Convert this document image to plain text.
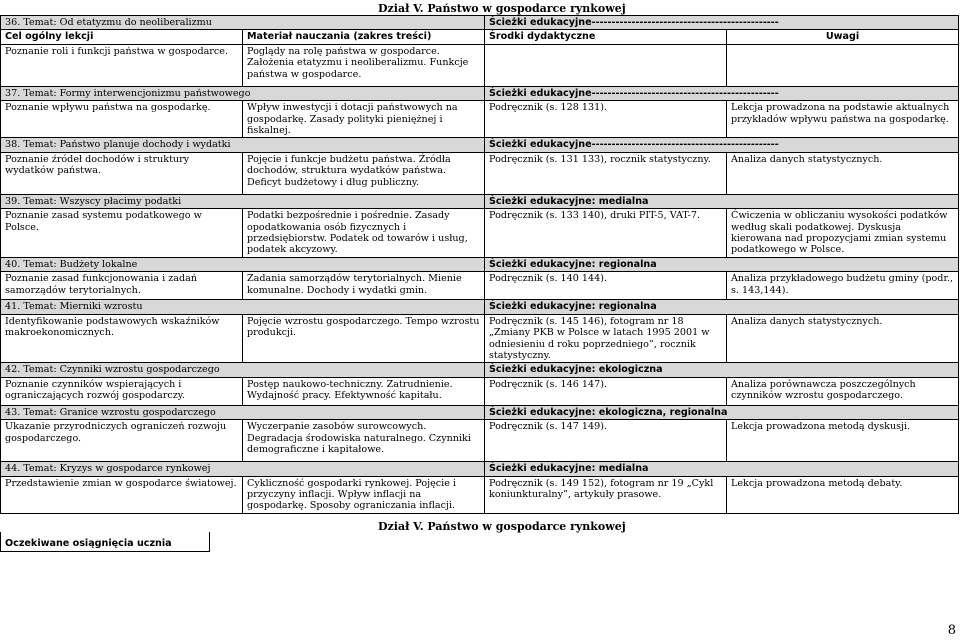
Dział V. Państwo w gospodarce rynkowej
36. Temat: Od etatyzmu do neoliberalizmu		Ścieżki edukacyjne-----------------------------------------------	
Cel ogólny lekcji	Materiał nauczania (zakres treści)	Środki dydaktyczne	Uwagi
Poznanie roli i funkcji państwa w gospodarce.	Poglądy na rolę państwa w gospodarce. Założenia etatyzmu i neoliberalizmu. Funkcje państwa w gospodarce.		
37. Temat: Formy interwencjonizmu państwowego		Ścieżki edukacyjne-----------------------------------------------	
Poznanie wpływu państwa na gospodarkę.	Wpływ inwestycji i dotacji państwowych na gospodarkę. Zasady polityki pieniężnej i fiskalnej.	Podręcznik (s. 128 131).	Lekcja prowadzona na podstawie aktualnych przykładów wpływu państwa na gospodarkę.
38. Temat: Państwo planuje dochody i wydatki		Ścieżki edukacyjne-----------------------------------------------	
Poznanie źródeł dochodów i struktury wydatków państwa.	Pojęcie i funkcje budżetu państwa. Źródła dochodów, struktura wydatków państwa. Deficyt budżetowy i dług publiczny.	Podręcznik (s. 131 133), rocznik statystyczny.	Analiza danych statystycznych.
39. Temat: Wszyscy płacimy podatki		Ścieżki edukacyjne: medialna	
Poznanie zasad systemu podatkowego w Polsce.	Podatki bezpośrednie i pośrednie. Zasady opodatkowania osób fizycznych i przedsiębiorstw. Podatek od towarów i usług, podatek akcyzowy.	Podręcznik (s. 133 140), druki PIT-5, VAT-7.	Ćwiczenia w obliczaniu wysokości podatków według skali podatkowej. Dyskusja kierowana nad propozycjami zmian systemu podatkowego w Polsce.
40. Temat: Budżety lokalne		Ścieżki edukacyjne: regionalna	
Poznanie zasad funkcjonowania i zadań samorządów terytorialnych.	Zadania samorządów terytorialnych. Mienie komunalne. Dochody i wydatki gmin.	Podręcznik (s. 140 144).	Analiza przykładowego budżetu gminy (podr., s. 143,144).
41. Temat: Mierniki wzrostu		Ścieżki edukacyjne: regionalna	
Identyfikowanie podstawowych wskaźników makroekonomicznych.	Pojęcie wzrostu gospodarczego. Tempo wzrostu produkcji.	Podręcznik (s. 145 146), fotogram nr 18 „Zmiany PKB w Polsce w latach 1995 2001 w odniesieniu d roku poprzedniego”, rocznik statystyczny.	Analiza danych statystycznych.
42. Temat: Czynniki wzrostu gospodarczego		Ścieżki edukacyjne: ekologiczna	
Poznanie czynników wspierających i ograniczających rozwój gospodarczy.	Postęp naukowo-techniczny. Zatrudnienie. Wydajność pracy. Efektywność kapitału.	Podręcznik (s. 146 147).	Analiza porównawcza poszczególnych czynników wzrostu gospodarczego.
43. Temat: Granice wzrostu gospodarczego		Ścieżki edukacyjne: ekologiczna, regionalna	
Ukazanie przyrodniczych ograniczeń rozwoju gospodarczego.	Wyczerpanie zasobów surowcowych. Degradacja środowiska naturalnego. Czynniki demograficzne i kapitałowe.	Podręcznik (s. 147 149).	Lekcja prowadzona metodą dyskusji.
44. Temat: Kryzys w gospodarce rynkowej		Ścieżki edukacyjne: medialna	
Przedstawienie zmian w gospodarce światowej.	Cykliczność gospodarki rynkowej. Pojęcie i przyczyny inflacji. Wpływ inflacji na gospodarkę. Sposoby ograniczania inflacji.	Podręcznik (s. 149 152), fotogram nr 19 „Cykl koniunkturalny”, artykuły prasowe.	Lekcja prowadzona metodą debaty.
Dział V. Państwo w gospodarce rynkowej
Oczekiwane osiągnięcia ucznia
8
